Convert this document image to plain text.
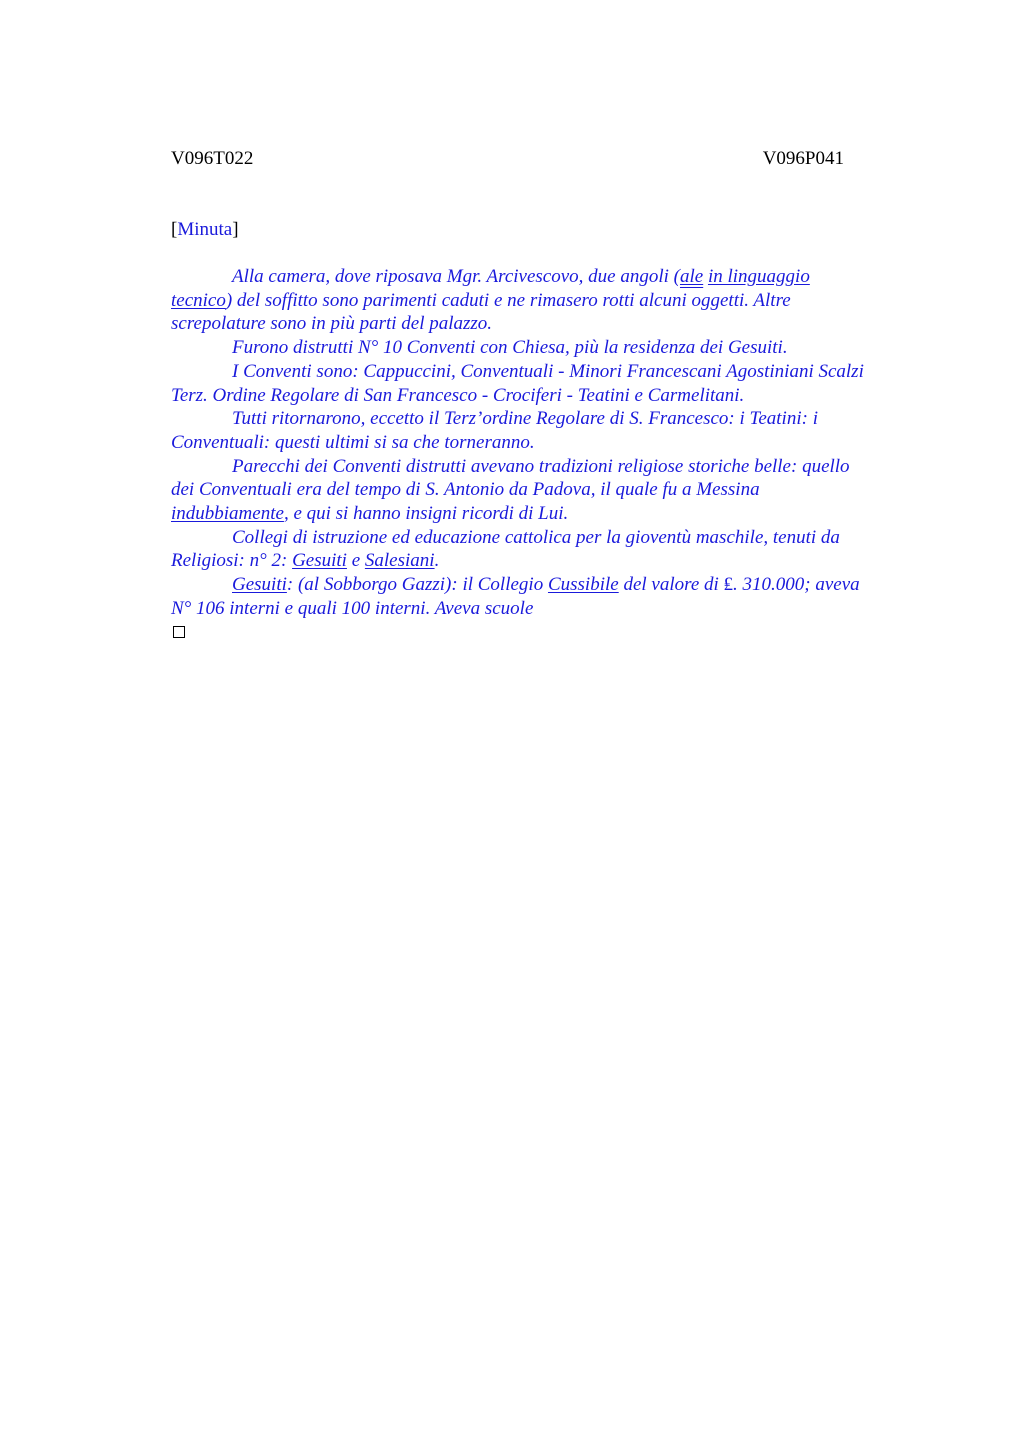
V096T022	V096P041
[Minuta]

Alla camera, dove riposava Mgr. Arcivescovo, due angoli (ale in linguaggio

tecnico) del soffitto sono parimenti caduti e ne rimasero rotti alcuni oggetti. Altre
screpolature sono in più parti del palazzo.

Furono distrutti N° 10 Conventi con Chiesa, più la residenza dei Gesuiti.

I Conventi sono: Cappuccini, Conventuali - Minori Francescani Agostiniani Scalzi

Terz. Ordine Regolare di San Francesco - Crociferi - Teatini e Carmelitani.

Tutti ritornarono, eccetto il Terz’ordine Regolare di S. Francesco: i Teatini: i

Conventuali: questi ultimi si sa che torneranno.

Parecchi dei Conventi distrutti avevano tradizioni religiose storiche belle: quello

dei Conventuali era del tempo di S. Antonio da Padova, il quale fu a Messina
indubbiamente, e qui si hanno insigni ricordi di Lui.

Collegi di istruzione ed educazione cattolica per la gioventù maschile, tenuti da

Religiosi: n° 2: Gesuiti e Salesiani.

Gesuiti: (al Sobborgo Gazzi): il Collegio Cussibile del valore di ₤. 310.000; aveva

N° 106 interni e quali 100 interni. Aveva scuole
